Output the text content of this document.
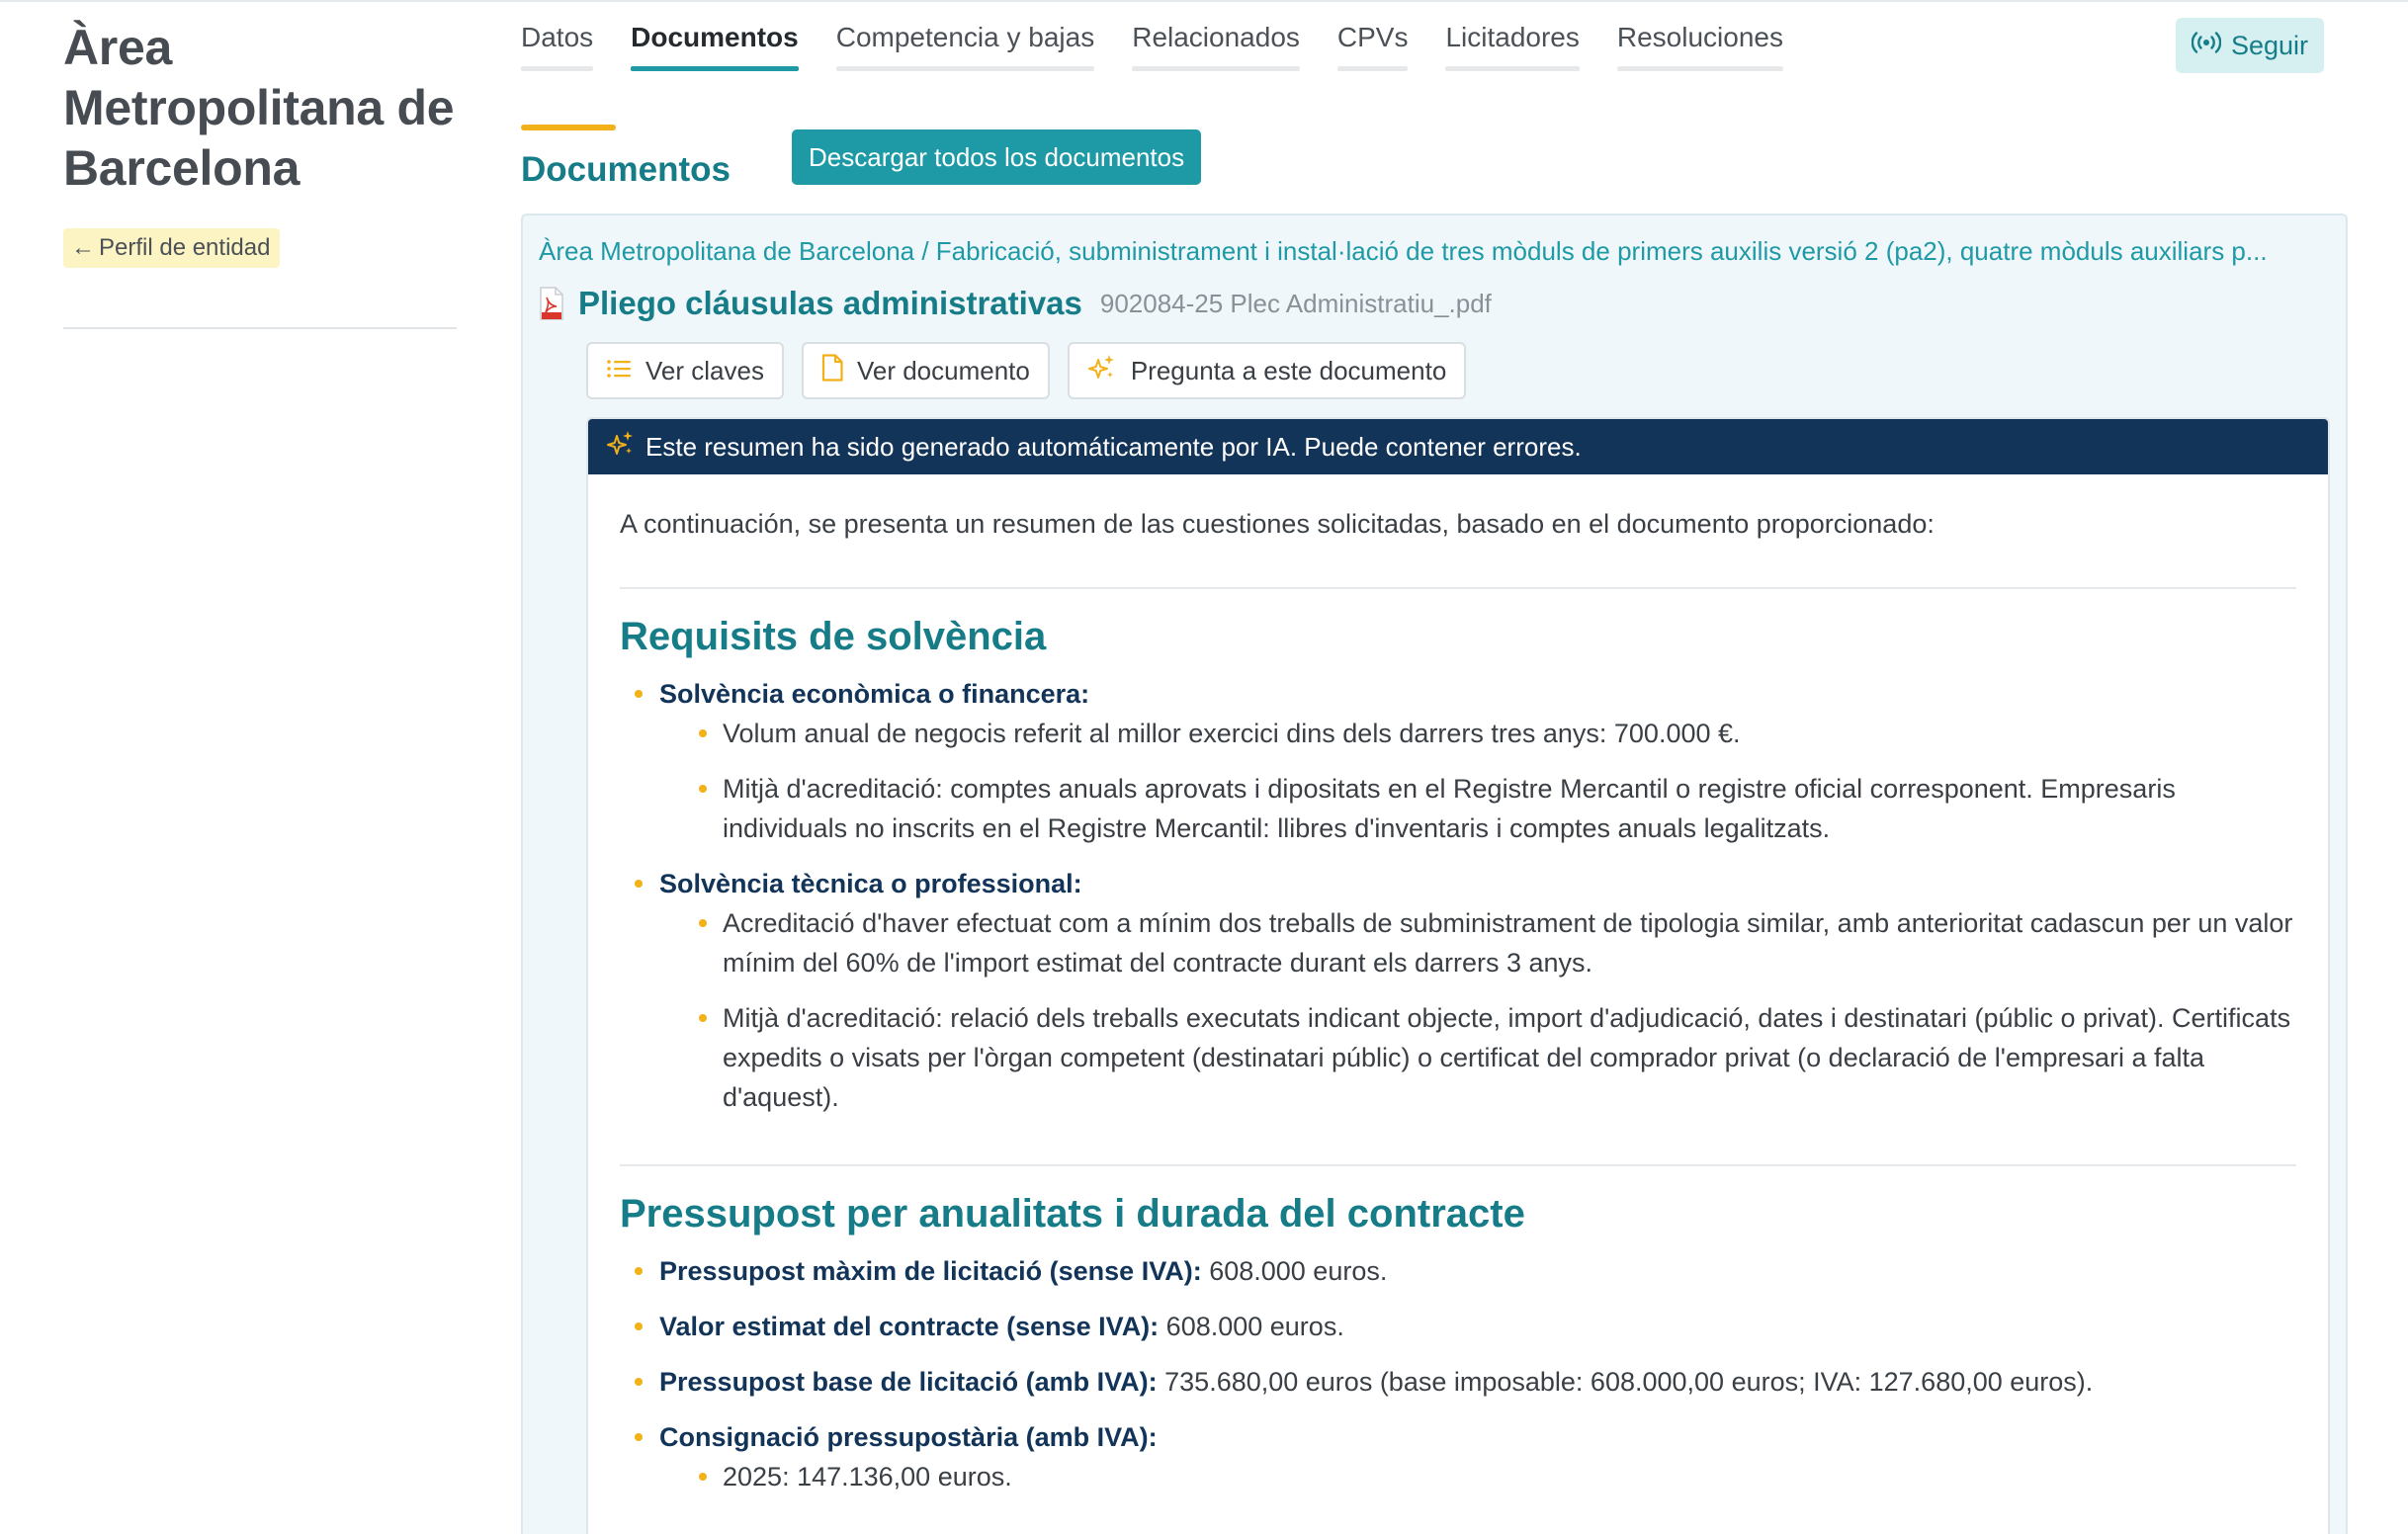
Àrea Metropolitana de Barcelona
← Perfil de entidad
Datos Documentos Competencia y bajas Relacionados CPVs Licitadores Resoluciones	Seguir
Documentos	Descargar todos los documentos
Àrea Metropolitana de Barcelona / Fabricació, subministrament i instal·lació de tres mòduls de primers auxilis versió 2 (pa2), quatre mòduls auxiliars p...
Pliego cláusulas administrativas 902084-25 Plec Administratiu_.pdf
Ver claves	Ver documento	Pregunta a este documento
Este resumen ha sido generado automáticamente por IA. Puede contener errores.

A continuación, se presenta un resumen de las cuestiones solicitadas, basado en el documento proporcionado:

Requisits de solvència
Solvència econòmica o financera:
Volum anual de negocis referit al millor exercici dins dels darrers tres anys: 700.000 €.
Mitjà d'acreditació: comptes anuals aprovats i dipositats en el Registre Mercantil o registre oficial corresponent. Empresaris individuals no inscrits en el Registre Mercantil: llibres d'inventaris i comptes anuals legalitzats.
Solvència tècnica o professional:
Acreditació d'haver efectuat com a mínim dos treballs de subministrament de tipologia similar, amb anterioritat cadascun per un valor mínim del 60% de l'import estimat del contracte durant els darrers 3 anys.
Mitjà d'acreditació: relació dels treballs executats indicant objecte, import d'adjudicació, dates i destinatari (públic o privat). Certificats expedits o visats per l'òrgan competent (destinatari públic) o certificat del comprador privat (o declaració de l'empresari a falta d'aquest).
Pressupost per anualitats i durada del contracte
Pressupost màxim de licitació (sense IVA): 608.000 euros.
Valor estimat del contracte (sense IVA): 608.000 euros.
Pressupost base de licitació (amb IVA): 735.680,00 euros (base imposable: 608.000,00 euros; IVA: 127.680,00 euros).
Consignació pressupostària (amb IVA):
2025: 147.136,00 euros.
